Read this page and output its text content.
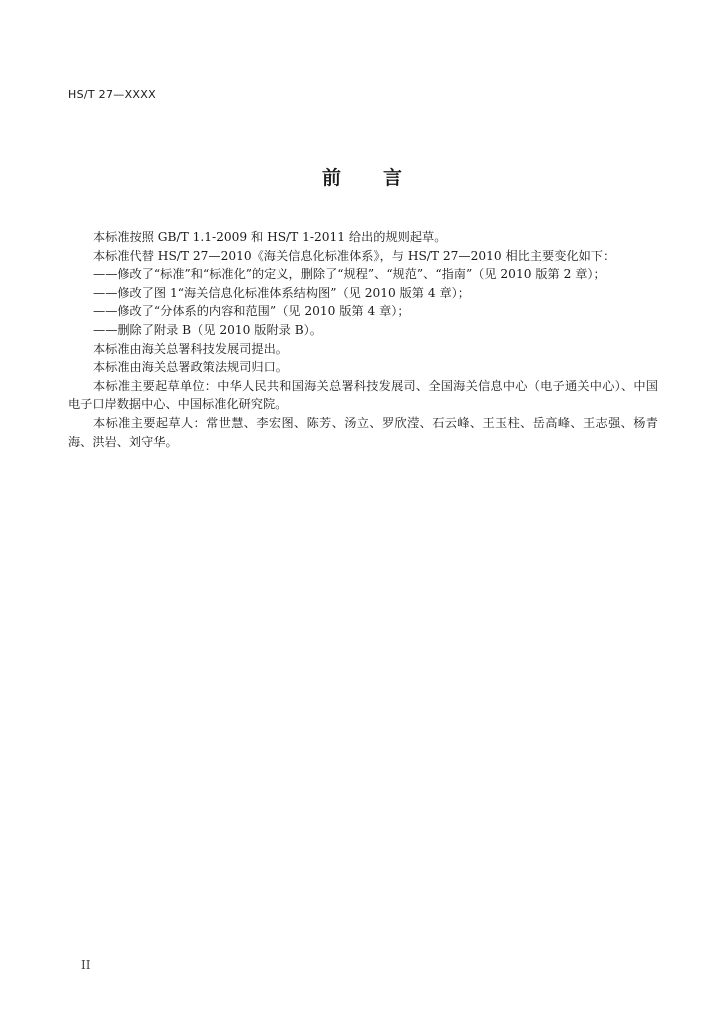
HS/T 27—XXXX
前 言

本标准按照 GB/T 1.1-2009 和 HS/T 1-2011 给出的规则起草。

本标准代替 HS/T 27—2010《海关信息化标准体系》，与 HS/T 27—2010 相比主要变化如下：

——修改了“标准”和“标准化”的定义，删除了“规程”、“规范”、“指南”（见 2010 版第 2 章）；

——修改了图 1“海关信息化标准体系结构图”（见 2010 版第 4 章）；

——修改了“分体系的内容和范围”（见 2010 版第 4 章）；

——删除了附录 B（见 2010 版附录 B）。

本标准由海关总署科技发展司提出。

本标准由海关总署政策法规司归口。

本标准主要起草单位：中华人民共和国海关总署科技发展司、全国海关信息中心（电子通关中心）、中国电子口岸数据中心、中国标准化研究院。

本标准主要起草人：常世慧、李宏图、陈芳、汤立、罗欣滢、石云峰、王玉柱、岳高峰、王志强、杨青海、洪岩、刘守华。

II
